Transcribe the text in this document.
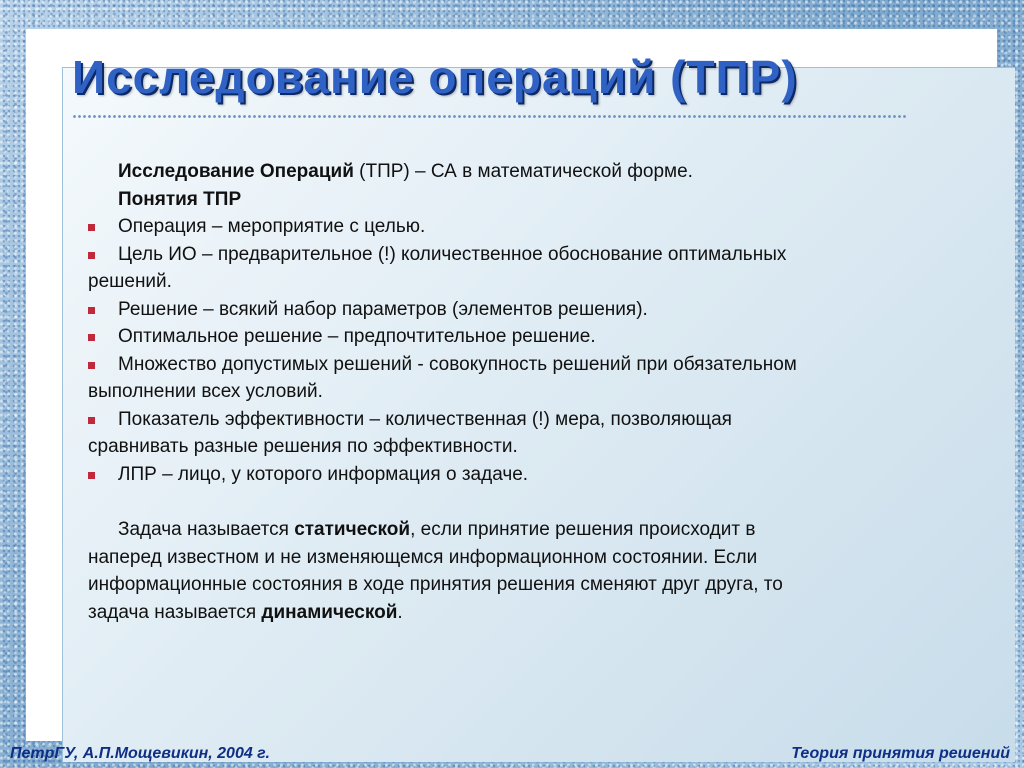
Исследование операций (ТПР)

Исследование Операций (ТПР) – СА в математической форме.

Понятия ТПР

Операция – мероприятие с целью.
Цель ИО – предварительное (!) количественное обоснование оптимальных
решений.
Решение – всякий набор параметров (элементов решения).
Оптимальное решение – предпочтительное решение.
Множество допустимых решений - совокупность решений при обязательном
выполнении всех условий.
Показатель эффективности – количественная (!) мера, позволяющая
сравнивать разные решения по эффективности.
ЛПР – лицо, у которого информация о задаче.

Задача называется статической, если принятие решения происходит в

наперед известном и не изменяющемся информационном состоянии. Если

информационные состояния в ходе принятия решения сменяют друг друга, то

задача называется динамической.

ПетрГУ, А.П.Мощевикин, 2004 г.	Теория принятия решений
